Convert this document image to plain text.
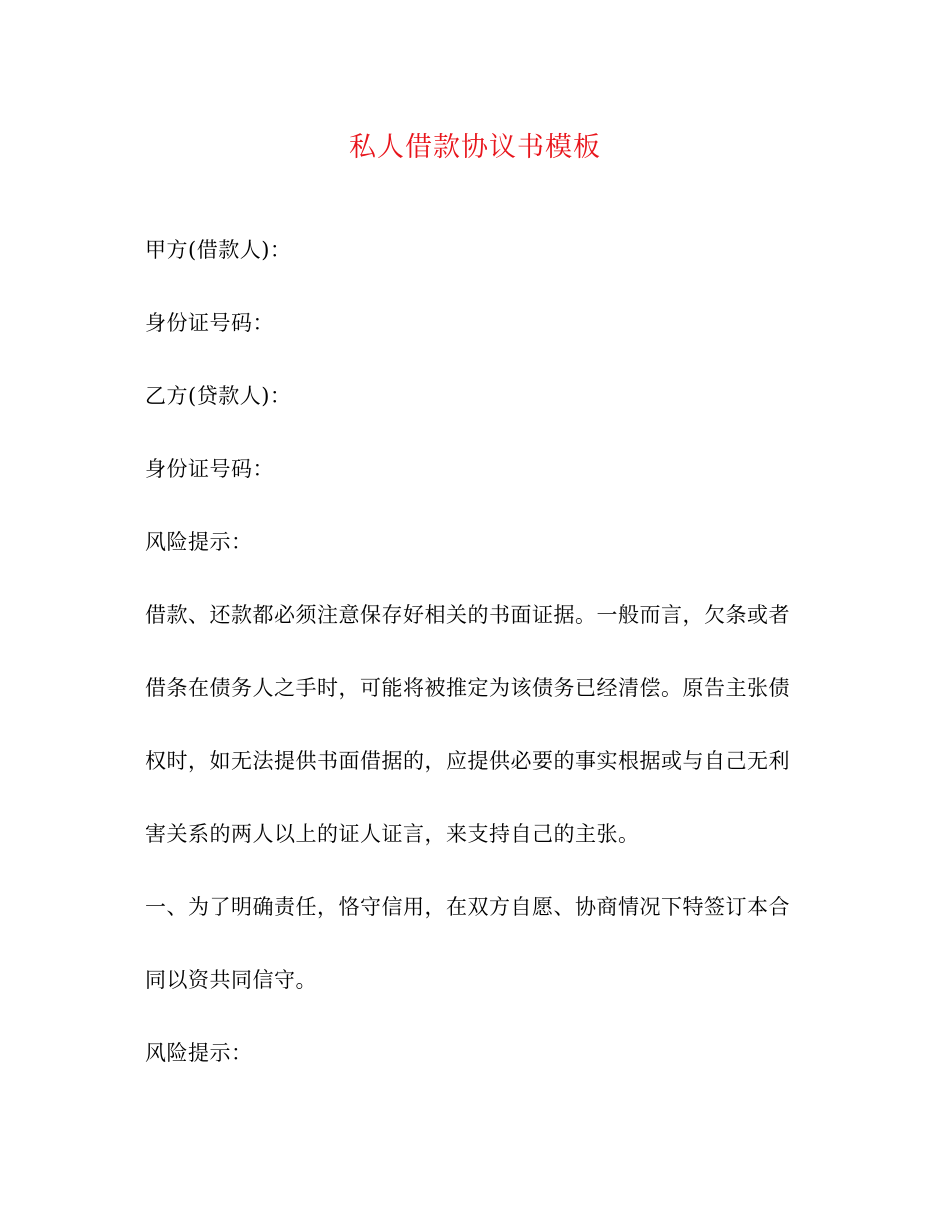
私人借款协议书模板

甲方(借款人)：

身份证号码：

乙方(贷款人)：

身份证号码：

风险提示：

借款、还款都必须注意保存好相关的书面证据。一般而言，欠条或者借条在债务人之手时，可能将被推定为该债务已经清偿。原告主张债权时，如无法提供书面借据的，应提供必要的事实根据或与自己无利害关系的两人以上的证人证言，来支持自己的主张。

一、为了明确责任，恪守信用，在双方自愿、协商情况下特签订本合同以资共同信守。

风险提示：
